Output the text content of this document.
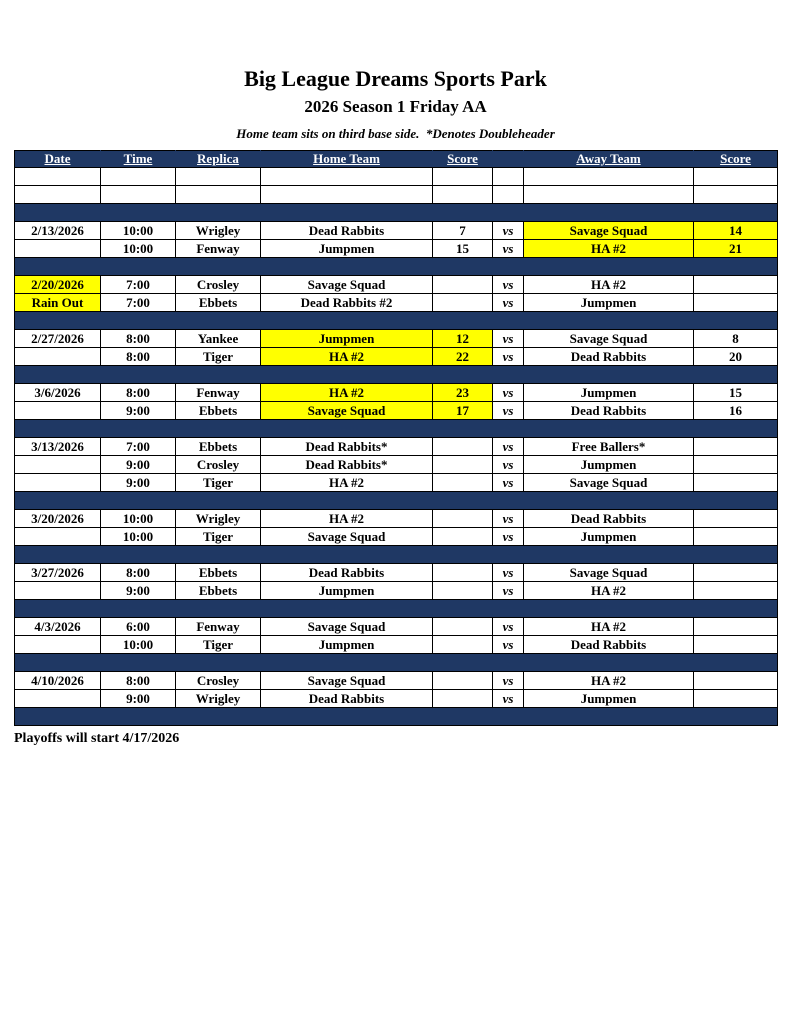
Big League Dreams Sports Park
2026 Season 1 Friday AA

Home team sits on third base side.  *Denotes Doubleheader

Date	Time	Replica	Home Team	Score		Away Team	Score

2/13/2026	10:00	Wrigley	Dead Rabbits	7	vs	Savage Squad	14
	10:00	Fenway	Jumpmen	15	vs	HA #2	21

2/20/2026	7:00	Crosley	Savage Squad		vs	HA #2	
Rain Out	7:00	Ebbets	Dead Rabbits #2		vs	Jumpmen	

2/27/2026	8:00	Yankee	Jumpmen	12	vs	Savage Squad	8
	8:00	Tiger	HA #2	22	vs	Dead Rabbits	20

3/6/2026	8:00	Fenway	HA #2	23	vs	Jumpmen	15
	9:00	Ebbets	Savage Squad	17	vs	Dead Rabbits	16

3/13/2026	7:00	Ebbets	Dead Rabbits*		vs	Free Ballers*	
	9:00	Crosley	Dead Rabbits*		vs	Jumpmen	
	9:00	Tiger	HA #2		vs	Savage Squad	

3/20/2026	10:00	Wrigley	HA #2		vs	Dead Rabbits	
	10:00	Tiger	Savage Squad		vs	Jumpmen	

3/27/2026	8:00	Ebbets	Dead Rabbits		vs	Savage Squad	
	9:00	Ebbets	Jumpmen		vs	HA #2	

4/3/2026	6:00	Fenway	Savage Squad		vs	HA #2	
	10:00	Tiger	Jumpmen		vs	Dead Rabbits	

4/10/2026	8:00	Crosley	Savage Squad		vs	HA #2	
	9:00	Wrigley	Dead Rabbits		vs	Jumpmen	

Playoffs will start 4/17/2026
